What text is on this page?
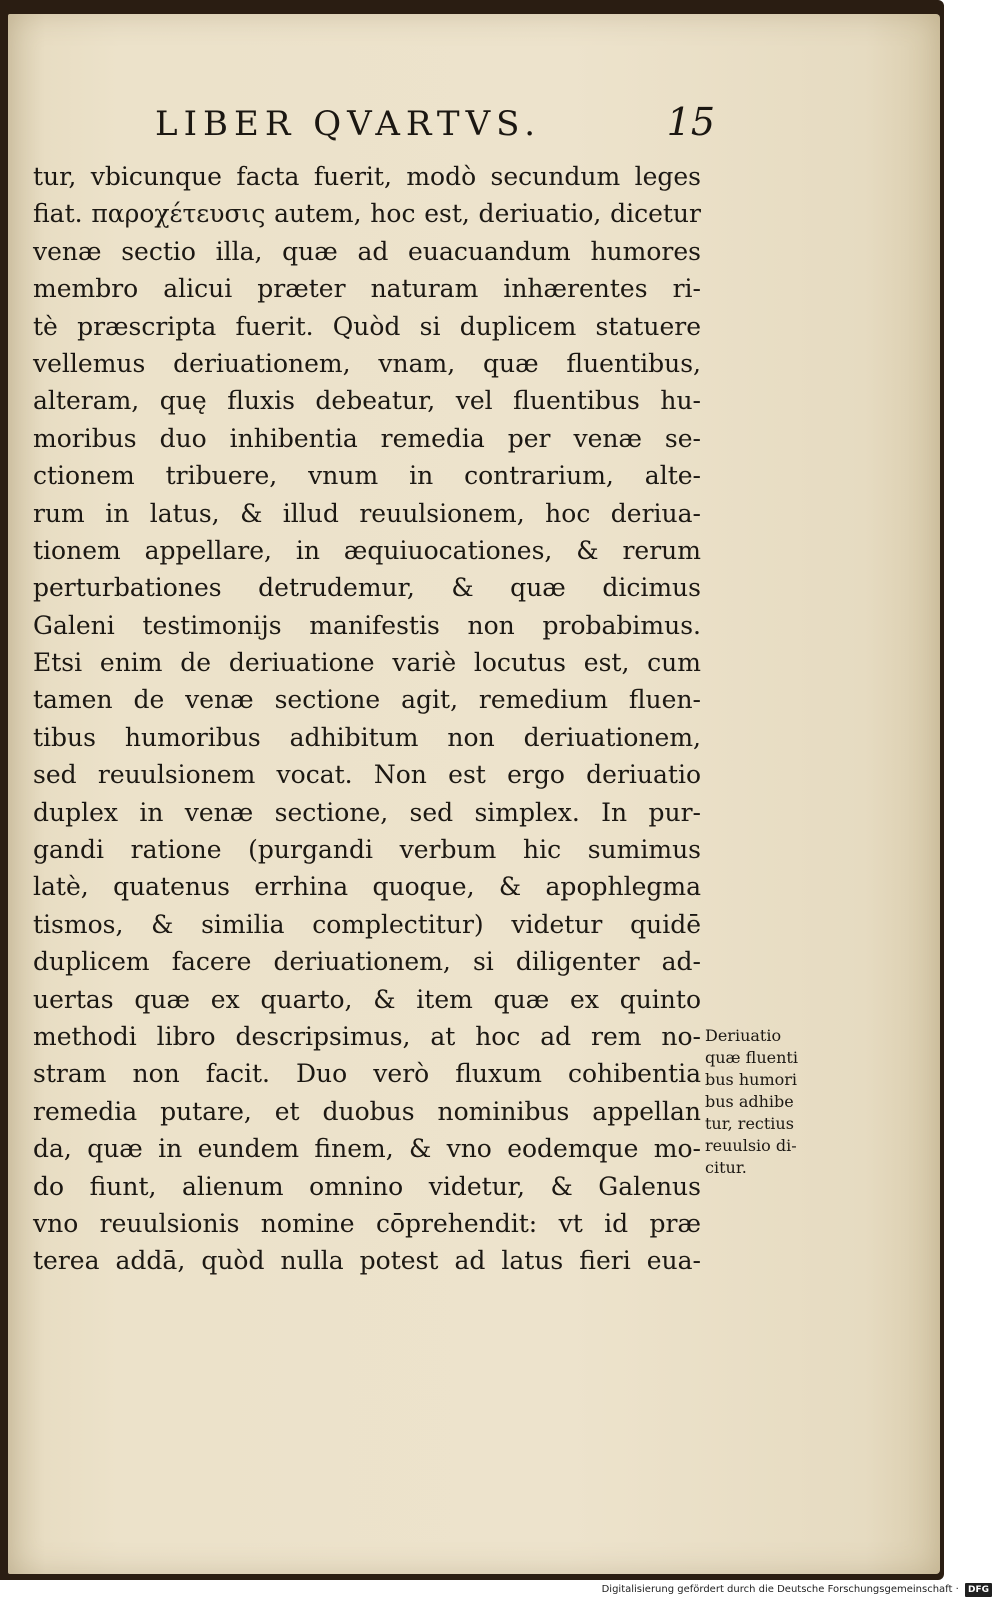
LIBER QVARTVS.	15
tur, vbicunque facta fuerit, modò secundum leges
fiat. παροχέτευσις autem, hoc est, deriuatio, dicetur
venæ sectio illa, quæ ad euacuandum humores
membro alicui præter naturam inhærentes ri-
tè præscripta fuerit. Quòd si duplicem statuere
vellemus deriuationem, vnam, quæ fluentibus,
alteram, quę fluxis debeatur, vel fluentibus hu-
moribus duo inhibentia remedia per venæ se-
ctionem tribuere, vnum in contrarium, alte-
rum in latus, & illud reuulsionem, hoc deriua-
tionem appellare, in æquiuocationes, & rerum
perturbationes detrudemur, & quæ dicimus
Galeni testimonijs manifestis non probabimus.
Etsi enim de deriuatione variè locutus est, cum
tamen de venæ sectione agit, remedium fluen-
tibus humoribus adhibitum non deriuationem,
sed reuulsionem vocat. Non est ergo deriuatio
duplex in venæ sectione, sed simplex. In pur-
gandi ratione (purgandi verbum hic sumimus
latè, quatenus errhina quoque, & apophlegma
tismos, & similia complectitur) videtur quidē
duplicem facere deriuationem, si diligenter ad-
uertas quæ ex quarto, & item quæ ex quinto
methodi libro descripsimus, at hoc ad rem no-
stram non facit. Duo verò fluxum cohibentia
remedia putare, et duobus nominibus appellan
da, quæ in eundem finem, & vno eodemque mo-
do fiunt, alienum omnino videtur, & Galenus
vno reuulsionis nomine cōprehendit: vt id præ
terea addā, quòd nulla potest ad latus fieri eua-
Deriuatio
quæ fluenti
bus humori
bus adhibe
tur, rectius
reuulsio di-
citur.
Digitalisierung gefördert durch die Deutsche Forschungsgemeinschaft · DFG
